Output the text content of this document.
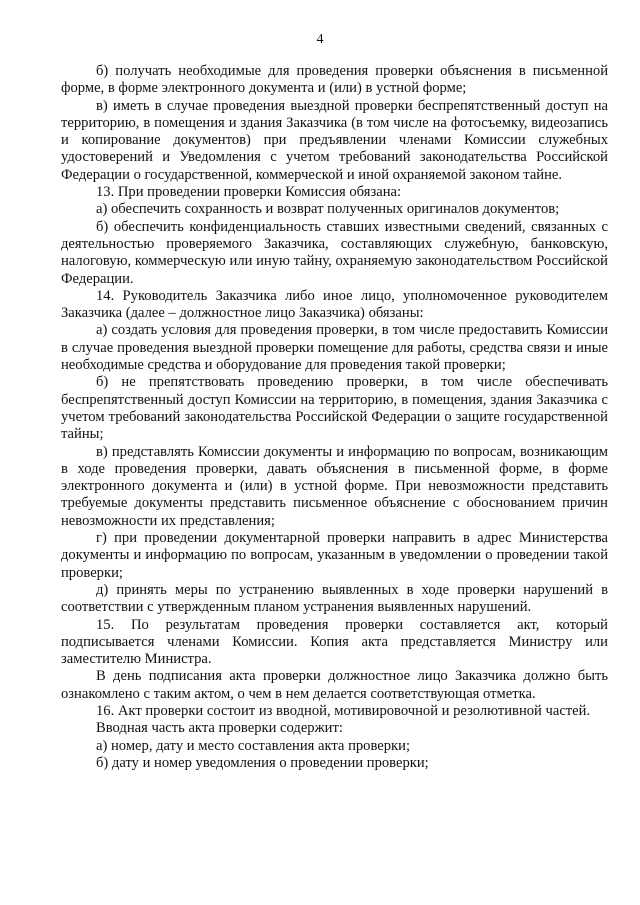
4

б) получать необходимые для проведения проверки объяснения в письменной форме, в форме электронного документа и (или) в устной форме;

в) иметь в случае проведения выездной проверки беспрепятственный доступ на территорию, в помещения и здания Заказчика (в том числе на фотосъемку, видеозапись и копирование документов) при предъявлении членами Комиссии служебных удостоверений и Уведомления с учетом требований законодательства Российской Федерации о государственной, коммерческой и иной охраняемой законом тайне.

13. При проведении проверки Комиссия обязана:

а) обеспечить сохранность и возврат полученных оригиналов документов;

б) обеспечить конфиденциальность ставших известными сведений, связанных с деятельностью проверяемого Заказчика, составляющих служебную, банковскую, налоговую, коммерческую или иную тайну, охраняемую законодательством Российской Федерации.

14. Руководитель Заказчика либо иное лицо, уполномоченное руководителем Заказчика (далее – должностное лицо Заказчика) обязаны:

а) создать условия для проведения проверки, в том числе предоставить Комиссии в случае проведения выездной проверки помещение для работы, средства связи и иные необходимые средства и оборудование для проведения такой проверки;

б) не препятствовать проведению проверки, в том числе обеспечивать беспрепятственный доступ Комиссии на территорию, в помещения, здания Заказчика с учетом требований законодательства Российской Федерации о защите государственной тайны;

в) представлять Комиссии документы и информацию по вопросам, возникающим в ходе проведения проверки, давать объяснения в письменной форме, в форме электронного документа и (или) в устной форме. При невозможности представить требуемые документы представить письменное объяснение с обоснованием причин невозможности их представления;

г) при проведении документарной проверки направить в адрес Министерства документы и информацию по вопросам, указанным в уведомлении о проведении такой проверки;

д) принять меры по устранению выявленных в ходе проверки нарушений в соответствии с утвержденным планом устранения выявленных нарушений.

15. По результатам проведения проверки составляется акт, который подписывается членами Комиссии. Копия акта представляется Министру или заместителю Министра.

В день подписания акта проверки должностное лицо Заказчика должно быть ознакомлено с таким актом, о чем в нем делается соответствующая отметка.

16. Акт проверки состоит из вводной, мотивировочной и резолютивной частей.

Вводная часть акта проверки содержит:

а) номер, дату и место составления акта проверки;

б) дату и номер уведомления о проведении проверки;
